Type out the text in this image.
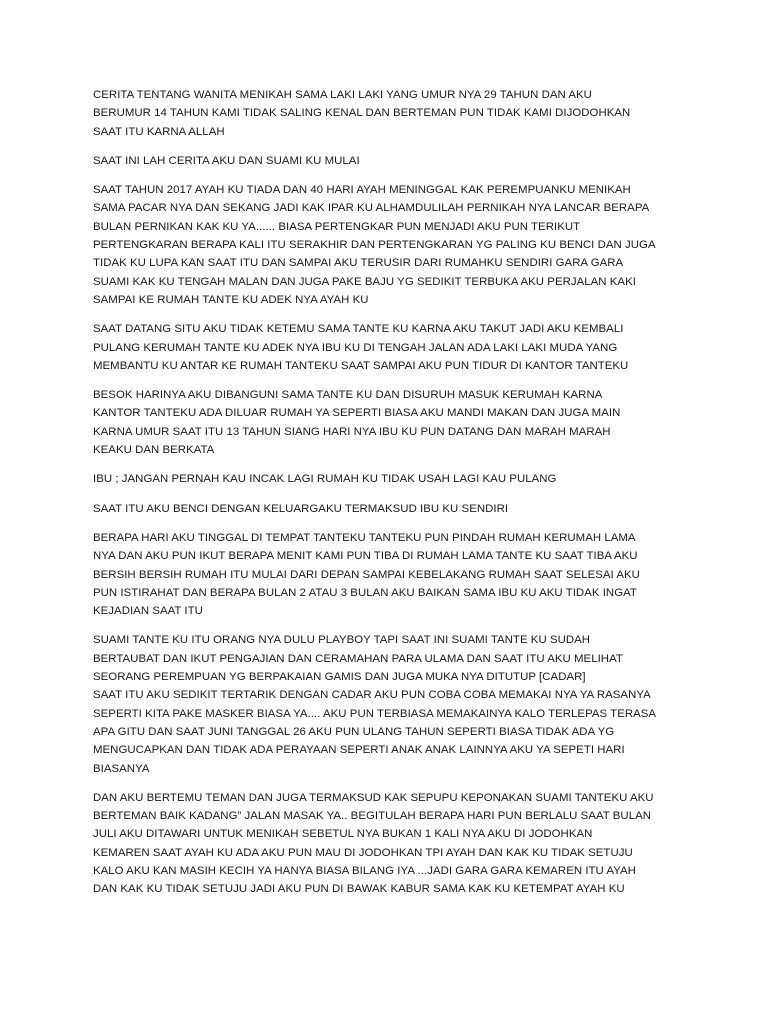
CERITA TENTANG WANITA MENIKAH SAMA LAKI LAKI YANG UMUR NYA 29 TAHUN DAN AKU
BERUMUR 14 TAHUN KAMI TIDAK SALING KENAL DAN BERTEMAN PUN TIDAK KAMI DIJODOHKAN
SAAT ITU KARNA ALLAH
SAAT INI LAH CERITA AKU DAN SUAMI KU MULAI
SAAT TAHUN 2017 AYAH KU TIADA DAN 40 HARI AYAH MENINGGAL KAK PEREMPUANKU MENIKAH
SAMA PACAR NYA DAN SEKANG JADI KAK IPAR KU ALHAMDULILAH PERNIKAH NYA LANCAR BERAPA
BULAN PERNIKAN KAK KU YA...... BIASA PERTENGKAR PUN MENJADI AKU PUN TERIKUT
PERTENGKARAN BERAPA KALI ITU SERAKHIR DAN PERTENGKARAN YG PALING KU BENCI DAN JUGA
TIDAK KU LUPA KAN SAAT ITU DAN SAMPAI AKU TERUSIR DARI RUMAHKU SENDIRI GARA GARA
SUAMI KAK KU TENGAH MALAN DAN JUGA PAKE BAJU YG SEDIKIT TERBUKA AKU PERJALAN KAKI
SAMPAI KE RUMAH TANTE KU ADEK NYA AYAH KU
SAAT DATANG SITU AKU TIDAK KETEMU SAMA TANTE KU KARNA AKU TAKUT JADI AKU KEMBALI
PULANG KERUMAH TANTE KU ADEK NYA IBU KU DI TENGAH JALAN ADA LAKI LAKI MUDA YANG
MEMBANTU KU ANTAR KE RUMAH TANTEKU SAAT SAMPAI AKU PUN TIDUR DI KANTOR TANTEKU
BESOK HARINYA AKU DIBANGUNI SAMA TANTE KU DAN DISURUH MASUK KERUMAH KARNA
KANTOR TANTEKU ADA DILUAR RUMAH YA SEPERTI BIASA AKU MANDI MAKAN DAN JUGA MAIN
KARNA UMUR SAAT ITU 13 TAHUN SIANG HARI NYA IBU KU PUN DATANG DAN MARAH MARAH
KEAKU DAN BERKATA
IBU ; JANGAN PERNAH KAU INCAK LAGI RUMAH KU TIDAK USAH LAGI KAU PULANG
SAAT ITU AKU BENCI DENGAN KELUARGAKU TERMAKSUD IBU KU SENDIRI
BERAPA HARI AKU TINGGAL DI TEMPAT TANTEKU TANTEKU PUN PINDAH RUMAH KERUMAH LAMA
NYA DAN AKU PUN IKUT BERAPA MENIT KAMI PUN TIBA DI RUMAH LAMA TANTE KU SAAT TIBA AKU
BERSIH BERSIH RUMAH ITU MULAI DARI DEPAN SAMPAI KEBELAKANG RUMAH SAAT SELESAI AKU
PUN ISTIRAHAT DAN BERAPA BULAN 2 ATAU 3 BULAN AKU BAIKAN SAMA IBU KU AKU TIDAK INGAT
KEJADIAN SAAT ITU
SUAMI TANTE KU ITU ORANG NYA DULU PLAYBOY TAPI SAAT INI SUAMI TANTE KU SUDAH
BERTAUBAT DAN IKUT PENGAJIAN DAN CERAMAHAN PARA ULAMA DAN SAAT ITU AKU MELIHAT
SEORANG PEREMPUAN YG BERPAKAIAN GAMIS DAN JUGA MUKA NYA DITUTUP [CADAR]
SAAT ITU AKU SEDIKIT TERTARIK DENGAN CADAR AKU PUN COBA COBA MEMAKAI NYA YA RASANYA
SEPERTI KITA PAKE MASKER BIASA YA.... AKU PUN TERBIASA MEMAKAINYA KALO TERLEPAS TERASA
APA GITU DAN SAAT JUNI TANGGAL 26 AKU PUN ULANG TAHUN SEPERTI BIASA TIDAK ADA YG
MENGUCAPKAN DAN TIDAK ADA PERAYAAN SEPERTI ANAK ANAK LAINNYA AKU YA SEPETI HARI
BIASANYA
DAN AKU BERTEMU TEMAN DAN JUGA TERMAKSUD KAK SEPUPU KEPONAKAN SUAMI TANTEKU AKU
BERTEMAN BAIK KADANG” JALAN MASAK YA.. BEGITULAH BERAPA HARI PUN BERLALU SAAT BULAN
JULI AKU DITAWARI UNTUK MENIKAH SEBETUL NYA BUKAN 1 KALI NYA AKU DI JODOHKAN
KEMAREN SAAT AYAH KU ADA AKU PUN MAU DI JODOHKAN TPI AYAH DAN KAK KU TIDAK SETUJU
KALO AKU KAN MASIH KECIH YA HANYA BIASA BILANG IYA ...JADI GARA GARA KEMAREN ITU AYAH
DAN KAK KU TIDAK SETUJU JADI AKU PUN DI BAWAK KABUR SAMA KAK KU KETEMPAT AYAH KU
